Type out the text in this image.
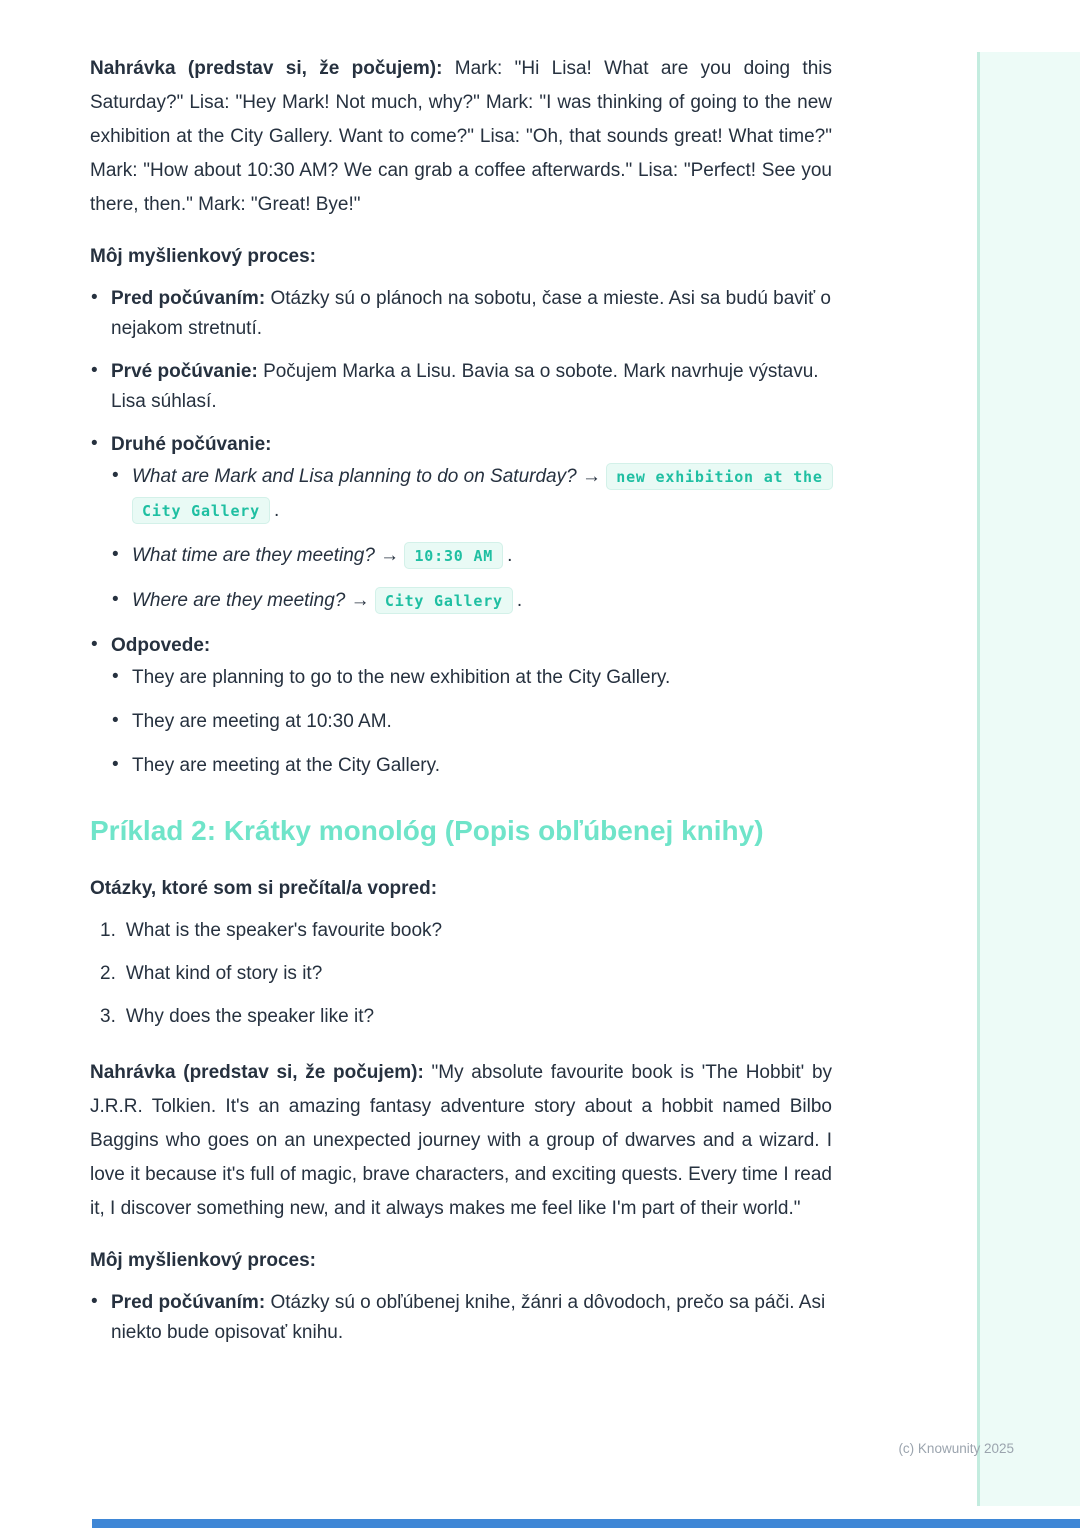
Nahrávka (predstav si, že počujem): Mark: "Hi Lisa! What are you doing this Saturday?" Lisa: "Hey Mark! Not much, why?" Mark: "I was thinking of going to the new exhibition at the City Gallery. Want to come?" Lisa: "Oh, that sounds great! What time?" Mark: "How about 10:30 AM? We can grab a coffee afterwards." Lisa: "Perfect! See you there, then." Mark: "Great! Bye!"

Môj myšlienkový proces:

• Pred počúvaním: Otázky sú o plánoch na sobotu, čase a mieste. Asi sa budú baviť o nejakom stretnutí.
• Prvé počúvanie: Počujem Marka a Lisu. Bavia sa o sobote. Mark navrhuje výstavu. Lisa súhlasí.
• Druhé počúvanie:
• What are Mark and Lisa planning to do on Saturday? → new exhibition at the City Gallery .
• What time are they meeting? → 10:30 AM .
• Where are they meeting? → City Gallery .
• Odpovede:
• They are planning to go to the new exhibition at the City Gallery.
• They are meeting at 10:30 AM.
• They are meeting at the City Gallery.
Príklad 2: Krátky monológ (Popis obľúbenej knihy)

Otázky, ktoré som si prečítal/a vopred:

1. What is the speaker's favourite book?
2. What kind of story is it?
3. Why does the speaker like it?

Nahrávka (predstav si, že počujem): "My absolute favourite book is 'The Hobbit' by J.R.R. Tolkien. It's an amazing fantasy adventure story about a hobbit named Bilbo Baggins who goes on an unexpected journey with a group of dwarves and a wizard. I love it because it's full of magic, brave characters, and exciting quests. Every time I read it, I discover something new, and it always makes me feel like I'm part of their world."

Môj myšlienkový proces:

• Pred počúvaním: Otázky sú o obľúbenej knihe, žánri a dôvodoch, prečo sa páči. Asi niekto bude opisovať knihu.
(c) Knowunity 2025
